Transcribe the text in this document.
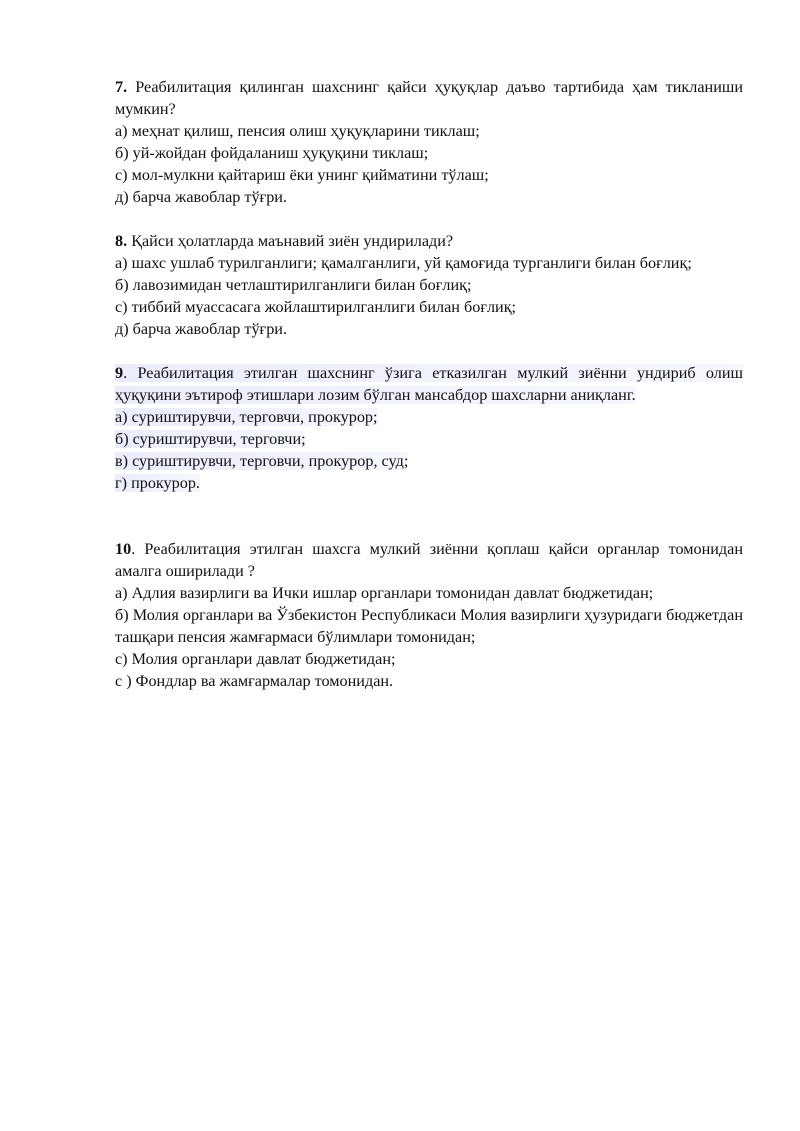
7. Реабилитация қилинган шахснинг қайси ҳуқуқлар даъво тартибида ҳам тикланиши мумкин?

а) меҳнат қилиш, пенсия олиш ҳуқуқларини тиклаш;

б) уй-жойдан фойдаланиш ҳуқуқини тиклаш;

с) мол-мулкни қайтариш ёки унинг қийматини тўлаш;

д) барча жавоблар тўғри.

8. Қайси ҳолатларда маънавий зиён ундирилади?

а) шахс ушлаб турилганлиги; қамалганлиги, уй қамоғида турганлиги билан боғлиқ;

б) лавозимидан четлаштирилганлиги билан боғлиқ;

с) тиббий муассасага жойлаштирилганлиги билан боғлиқ;

д) барча жавоблар тўғри.

9. Реабилитация этилган шахснинг ўзига етказилган мулкий зиённи ундириб олиш ҳуқуқини эътироф этишлари лозим бўлган мансабдор шахсларни аниқланг.

а) суриштирувчи, терговчи, прокурор;

б) суриштирувчи, терговчи;

в) суриштирувчи, терговчи, прокурор, суд;

г) прокурор.

10. Реабилитация этилган шахсга мулкий зиённи қоплаш қайси органлар томонидан амалга оширилади ?

а) Адлия вазирлиги ва Ички ишлар органлари томонидан давлат бюджетидан;

б) Молия органлари ва Ўзбекистон Республикаси Молия вазирлиги ҳузуридаги бюджетдан ташқари пенсия жамғармаси бўлимлари томонидан;

с) Молия органлари давлат бюджетидан;

с ) Фондлар ва жамғармалар томонидан.
